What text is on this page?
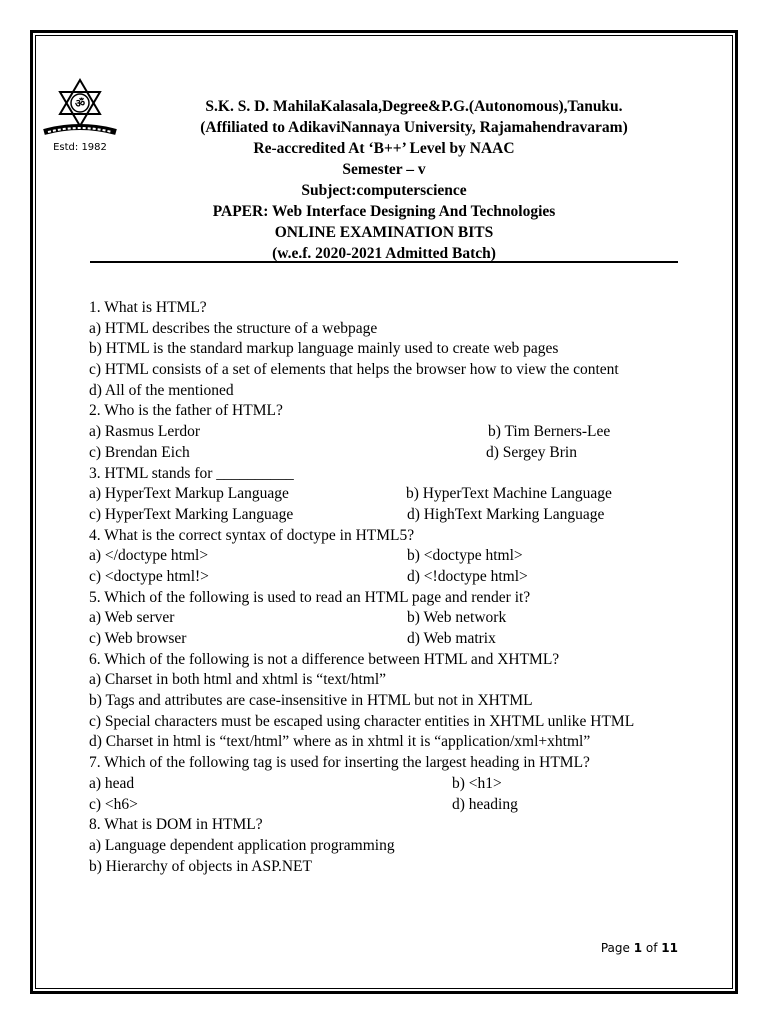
ॐ
Estd: 1982
S.K. S. D. MahilaKalasala,Degree&P.G.(Autonomous),Tanuku.
(Affiliated to AdikaviNannaya University, Rajamahendravaram)
Re-accredited At ‘B++’ Level by NAAC
Semester – v
Subject:computerscience
PAPER: Web Interface Designing And Technologies
ONLINE EXAMINATION BITS
(w.e.f. 2020-2021 Admitted Batch)
1. What is HTML?
a) HTML describes the structure of a webpage
b) HTML is the standard markup language mainly used to create web pages
c) HTML consists of a set of elements that helps the browser how to view the content
d) All of the mentioned
2. Who is the father of HTML?
a) Rasmus Lerdor	b) Tim Berners-Lee
c) Brendan Eich	d) Sergey Brin
3. HTML stands for __________
a) HyperText Markup Language	b) HyperText Machine Language
c) HyperText Marking Language	d) HighText Marking Language
4. What is the correct syntax of doctype in HTML5?
a) </doctype html>	b) <doctype html>
c) <doctype html!>	d) <!doctype html>
5. Which of the following is used to read an HTML page and render it?
a) Web server	b) Web network
c) Web browser	d) Web matrix
6. Which of the following is not a difference between HTML and XHTML?
a) Charset in both html and xhtml is “text/html”
b) Tags and attributes are case-insensitive in HTML but not in XHTML
c) Special characters must be escaped using character entities in XHTML unlike HTML
d) Charset in html is “text/html” where as in xhtml it is “application/xml+xhtml”
7. Which of the following tag is used for inserting the largest heading in HTML?
a) head	b) <h1>
c) <h6>	d) heading
8. What is DOM in HTML?
a) Language dependent application programming
b) Hierarchy of objects in ASP.NET
Page 1 of 11
